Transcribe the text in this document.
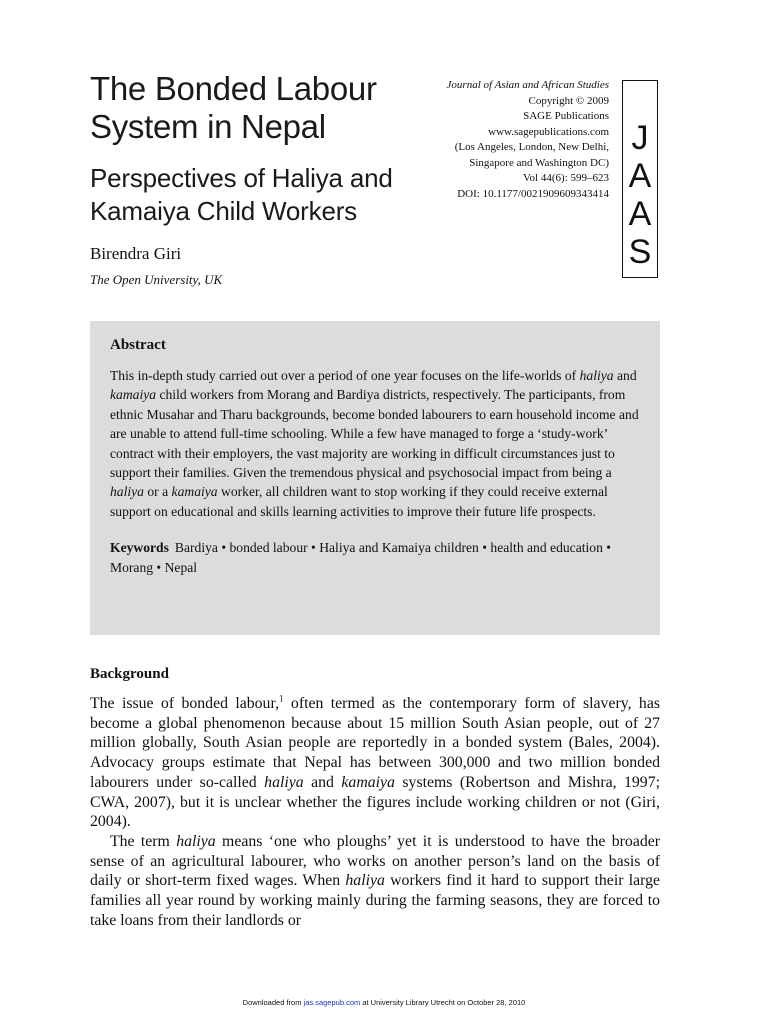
The Bonded Labour System in Nepal
Perspectives of Haliya and Kamaiya Child Workers
Birendra Giri
The Open University, UK
Journal of Asian and African Studies
Copyright © 2009
SAGE Publications
www.sagepublications.com
(Los Angeles, London, New Delhi,
Singapore and Washington DC)
Vol 44(6): 599–623
DOI: 10.1177/0021909609343414
J
A
A
S
Abstract

This in-depth study carried out over a period of one year focuses on the life-worlds of haliya and kamaiya child workers from Morang and Bardiya districts, respectively. The participants, from ethnic Musahar and Tharu backgrounds, become bonded labourers to earn household income and are unable to attend full-time schooling. While a few have managed to forge a ‘study-work’ contract with their employers, the vast majority are working in difficult circumstances just to support their families. Given the tremendous physical and psychosocial impact from being a haliya or a kamaiya worker, all children want to stop working if they could receive external support on educational and skills learning activities to improve their future life prospects.

Keywords Bardiya • bonded labour • Haliya and Kamaiya children • health and education • Morang • Nepal

Background

The issue of bonded labour,$^1$ often termed as the contemporary form of slavery, has become a global phenomenon because about 15 million South Asian people, out of 27 million globally, South Asian people are reportedly in a bonded system (Bales, 2004). Advocacy groups estimate that Nepal has between 300,000 and two million bonded labourers under so-called haliya and kamaiya systems (Robertson and Mishra, 1997; CWA, 2007), but it is unclear whether the figures include working children or not (Giri, 2004).

The term haliya means ‘one who ploughs’ yet it is understood to have the broader sense of an agricultural labourer, who works on another person’s land on the basis of daily or short-term fixed wages. When haliya workers find it hard to support their large families all year round by working mainly during the farming seasons, they are forced to take loans from their landlords or

Downloaded from jas.sagepub.com at University Library Utrecht on October 28, 2010
